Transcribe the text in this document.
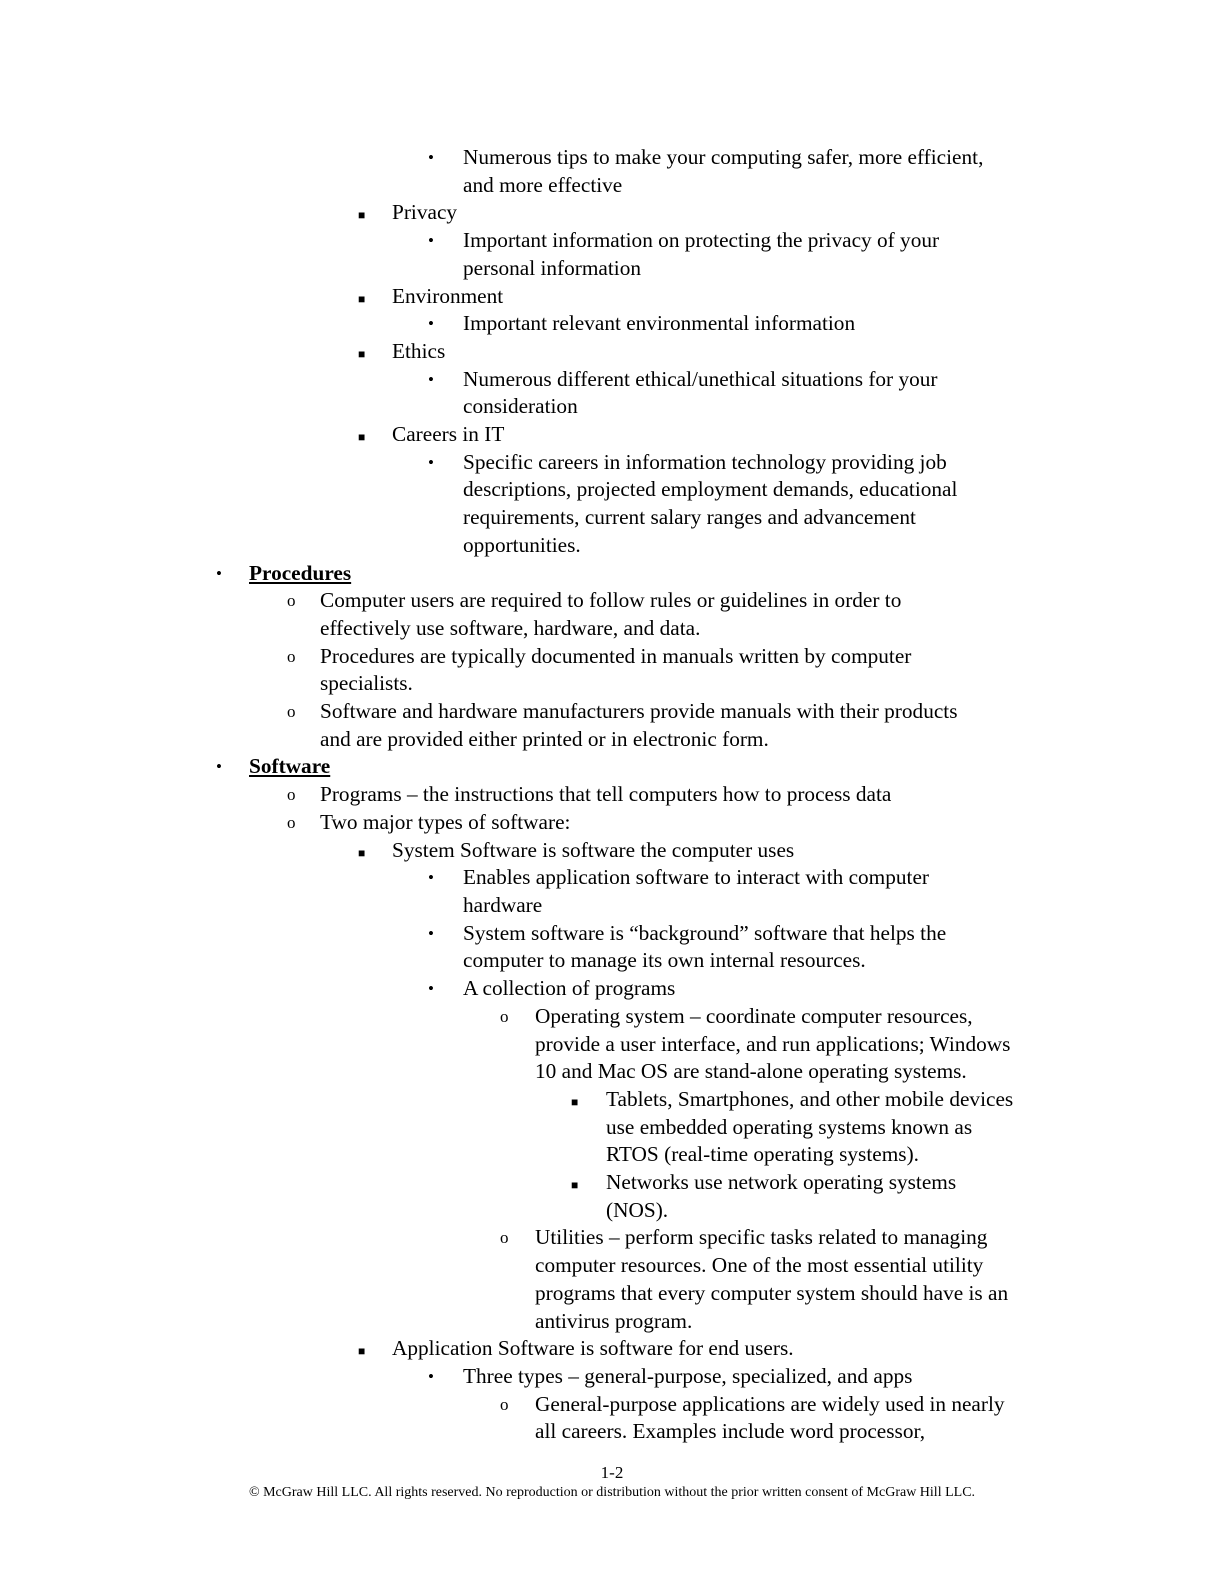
• Numerous tips to make your computing safer, more efficient,
and more effective
■ Privacy
• Important information on protecting the privacy of your
personal information
■ Environment
• Important relevant environmental information
■ Ethics
• Numerous different ethical/unethical situations for your
consideration
■ Careers in IT
• Specific careers in information technology providing job
descriptions, projected employment demands, educational
requirements, current salary ranges and advancement
opportunities.
• Procedures
o Computer users are required to follow rules or guidelines in order to
effectively use software, hardware, and data.
o Procedures are typically documented in manuals written by computer
specialists.
o Software and hardware manufacturers provide manuals with their products
and are provided either printed or in electronic form.
• Software
o Programs – the instructions that tell computers how to process data
o Two major types of software:
■ System Software is software the computer uses
• Enables application software to interact with computer
hardware
• System software is “background” software that helps the
computer to manage its own internal resources.
• A collection of programs
o Operating system – coordinate computer resources,
provide a user interface, and run applications; Windows
10 and Mac OS are stand-alone operating systems.
■ Tablets, Smartphones, and other mobile devices
use embedded operating systems known as
RTOS (real-time operating systems).
■ Networks use network operating systems
(NOS).
o Utilities – perform specific tasks related to managing
computer resources. One of the most essential utility
programs that every computer system should have is an
antivirus program.
■ Application Software is software for end users.
• Three types – general-purpose, specialized, and apps
o General-purpose applications are widely used in nearly
all careers. Examples include word processor,
1-2
© McGraw Hill LLC. All rights reserved. No reproduction or distribution without the prior written consent of McGraw Hill LLC.
